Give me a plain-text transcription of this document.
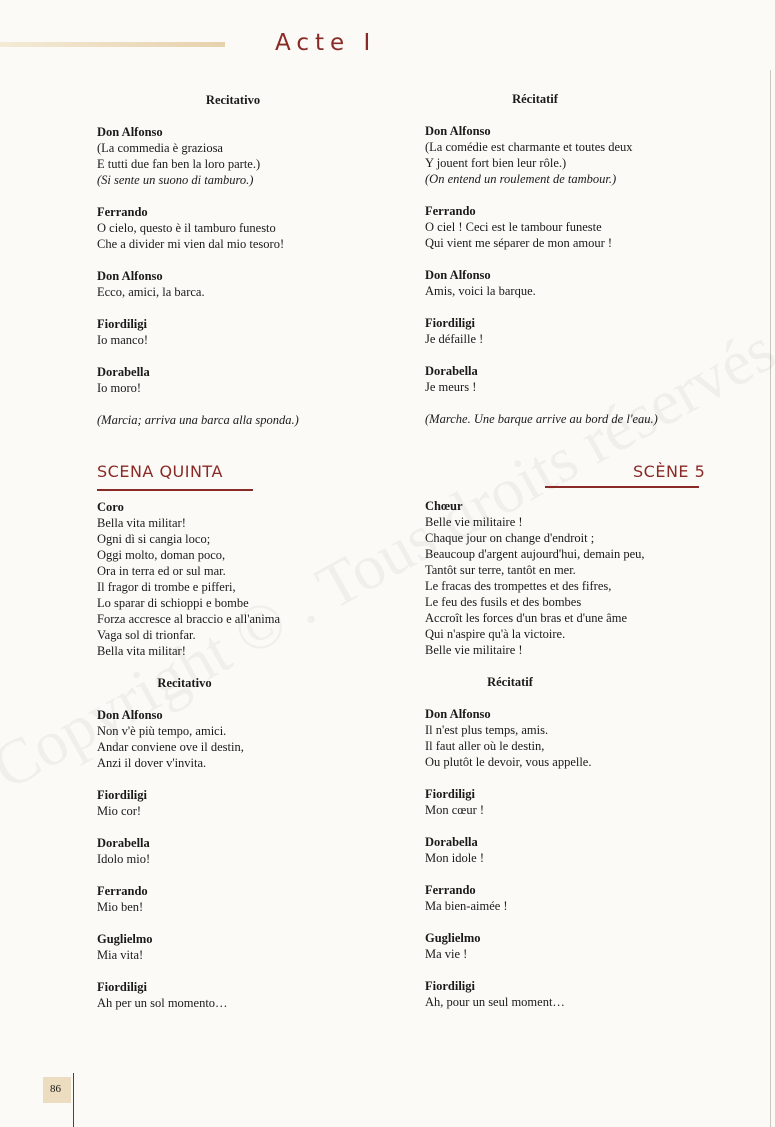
Acte I
Recitativo
Don Alfonso
(La commedia è graziosa
E tutti due fan ben la loro parte.)
(Si sente un suono di tamburo.)
Ferrando
O cielo, questo è il tamburo funesto
Che a divider mi vien dal mio tesoro!
Don Alfonso
Ecco, amici, la barca.
Fiordiligi
Io manco!
Dorabella
Io moro!
(Marcia; arriva una barca alla sponda.)
Récitatif
Don Alfonso
(La comédie est charmante et toutes deux
Y jouent fort bien leur rôle.)
(On entend un roulement de tambour.)
Ferrando
O ciel ! Ceci est le tambour funeste
Qui vient me séparer de mon amour !
Don Alfonso
Amis, voici la barque.
Fiordiligi
Je défaille !
Dorabella
Je meurs !
(Marche. Une barque arrive au bord de l'eau.)
SCENA QUINTA	SCÈNE 5
Coro
Bella vita militar!
Ogni dì si cangia loco;
Oggi molto, doman poco,
Ora in terra ed or sul mar.
Il fragor di trombe e pifferi,
Lo sparar di schioppi e bombe
Forza accresce al braccio e all'anima
Vaga sol di trionfar.
Bella vita militar!
Chœur
Belle vie militaire !
Chaque jour on change d'endroit ;
Beaucoup d'argent aujourd'hui, demain peu,
Tantôt sur terre, tantôt en mer.
Le fracas des trompettes et des fifres,
Le feu des fusils et des bombes
Accroît les forces d'un bras et d'une âme
Qui n'aspire qu'à la victoire.
Belle vie militaire !
Recitativo
Don Alfonso
Non v'è più tempo, amici.
Andar conviene ove il destin,
Anzi il dover v'invita.
Fiordiligi
Mio cor!
Dorabella
Idolo mio!
Ferrando
Mio ben!
Guglielmo
Mia vita!
Fiordiligi
Ah per un sol momento…
Récitatif
Don Alfonso
Il n'est plus temps, amis.
Il faut aller où le destin,
Ou plutôt le devoir, vous appelle.
Fiordiligi
Mon cœur !
Dorabella
Mon idole !
Ferrando
Ma bien-aimée !
Guglielmo
Ma vie !
Fiordiligi
Ah, pour un seul moment…
86
